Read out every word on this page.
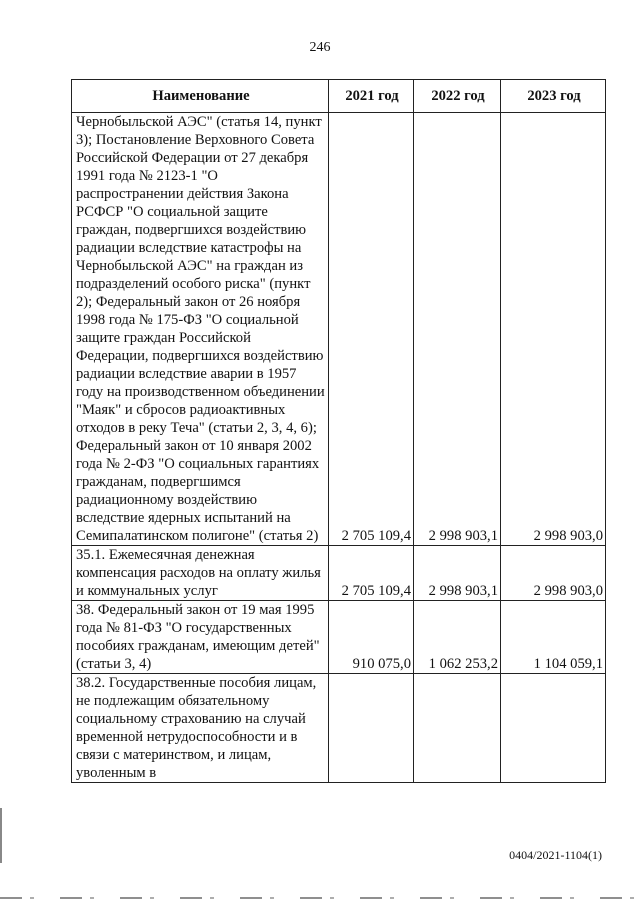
246
Наименование	2021 год	2022 год	2023 год
Чернобыльской АЭС" (статья 14, пункт 3); Постановление Верховного Совета Российской Федерации от 27 декабря 1991 года № 2123-1 "О распространении действия Закона РСФСР "О социальной защите граждан, подвергшихся воздействию радиации вследствие катастрофы на Чернобыльской АЭС" на граждан из подразделений особого риска" (пункт 2); Федеральный закон от 26 ноября 1998 года № 175-ФЗ "О социальной защите граждан Российской Федерации, подвергшихся воздействию радиации вследствие аварии в 1957 году на производственном объединении "Маяк" и сбросов радиоактивных отходов в реку Теча" (статьи 2, 3, 4, 6); Федеральный закон от 10 января 2002 года № 2-ФЗ "О социальных гарантиях гражданам, подвергшимся радиационному воздействию вследствие ядерных испытаний на Семипалатинском полигоне" (статья 2)	2 705 109,4	2 998 903,1	2 998 903,0
35.1. Ежемесячная денежная компенсация расходов на оплату жилья и коммунальных услуг	2 705 109,4	2 998 903,1	2 998 903,0
38. Федеральный закон от 19 мая 1995 года № 81-ФЗ "О государственных пособиях гражданам, имеющим детей" (статьи 3, 4)	910 075,0	1 062 253,2	1 104 059,1
38.2. Государственные пособия лицам, не подлежащим обязательному социальному страхованию на случай временной нетрудоспособности и в связи с материнством, и лицам, уволенным в			
0404/2021-1104(1)
